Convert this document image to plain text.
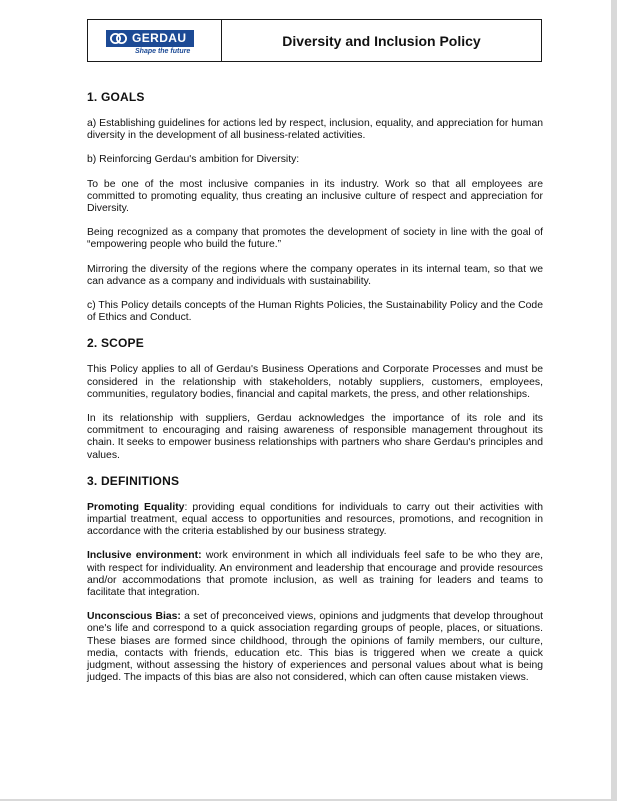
GERDAU
Shape the future
Diversity and Inclusion Policy
1. GOALS

a) Establishing guidelines for actions led by respect, inclusion, equality, and appreciation for human diversity in the development of all business-related activities.

b) Reinforcing Gerdau's ambition for Diversity:

To be one of the most inclusive companies in its industry. Work so that all employees are committed to promoting equality, thus creating an inclusive culture of respect and appreciation for Diversity.

Being recognized as a company that promotes the development of society in line with the goal of “empowering people who build the future.”

Mirroring the diversity of the regions where the company operates in its internal team, so that we can advance as a company and individuals with sustainability.

c) This Policy details concepts of the Human Rights Policies, the Sustainability Policy and the Code of Ethics and Conduct.

2. SCOPE

This Policy applies to all of Gerdau's Business Operations and Corporate Processes and must be considered in the relationship with stakeholders, notably suppliers, customers, employees, communities, regulatory bodies, financial and capital markets, the press, and other relationships.

In its relationship with suppliers, Gerdau acknowledges the importance of its role and its commitment to encouraging and raising awareness of responsible management throughout its chain. It seeks to empower business relationships with partners who share Gerdau's principles and values.

3. DEFINITIONS

Promoting Equality: providing equal conditions for individuals to carry out their activities with impartial treatment, equal access to opportunities and resources, promotions, and recognition in accordance with the criteria established by our business strategy.

Inclusive environment: work environment in which all individuals feel safe to be who they are, with respect for individuality. An environment and leadership that encourage and provide resources and/or accommodations that promote inclusion, as well as training for leaders and teams to facilitate that integration.

Unconscious Bias: a set of preconceived views, opinions and judgments that develop throughout one's life and correspond to a quick association regarding groups of people, places, or situations. These biases are formed since childhood, through the opinions of family members, our culture, media, contacts with friends, education etc. This bias is triggered when we create a quick judgment, without assessing the history of experiences and personal values about what is being judged. The impacts of this bias are also not considered, which can often cause mistaken views.
